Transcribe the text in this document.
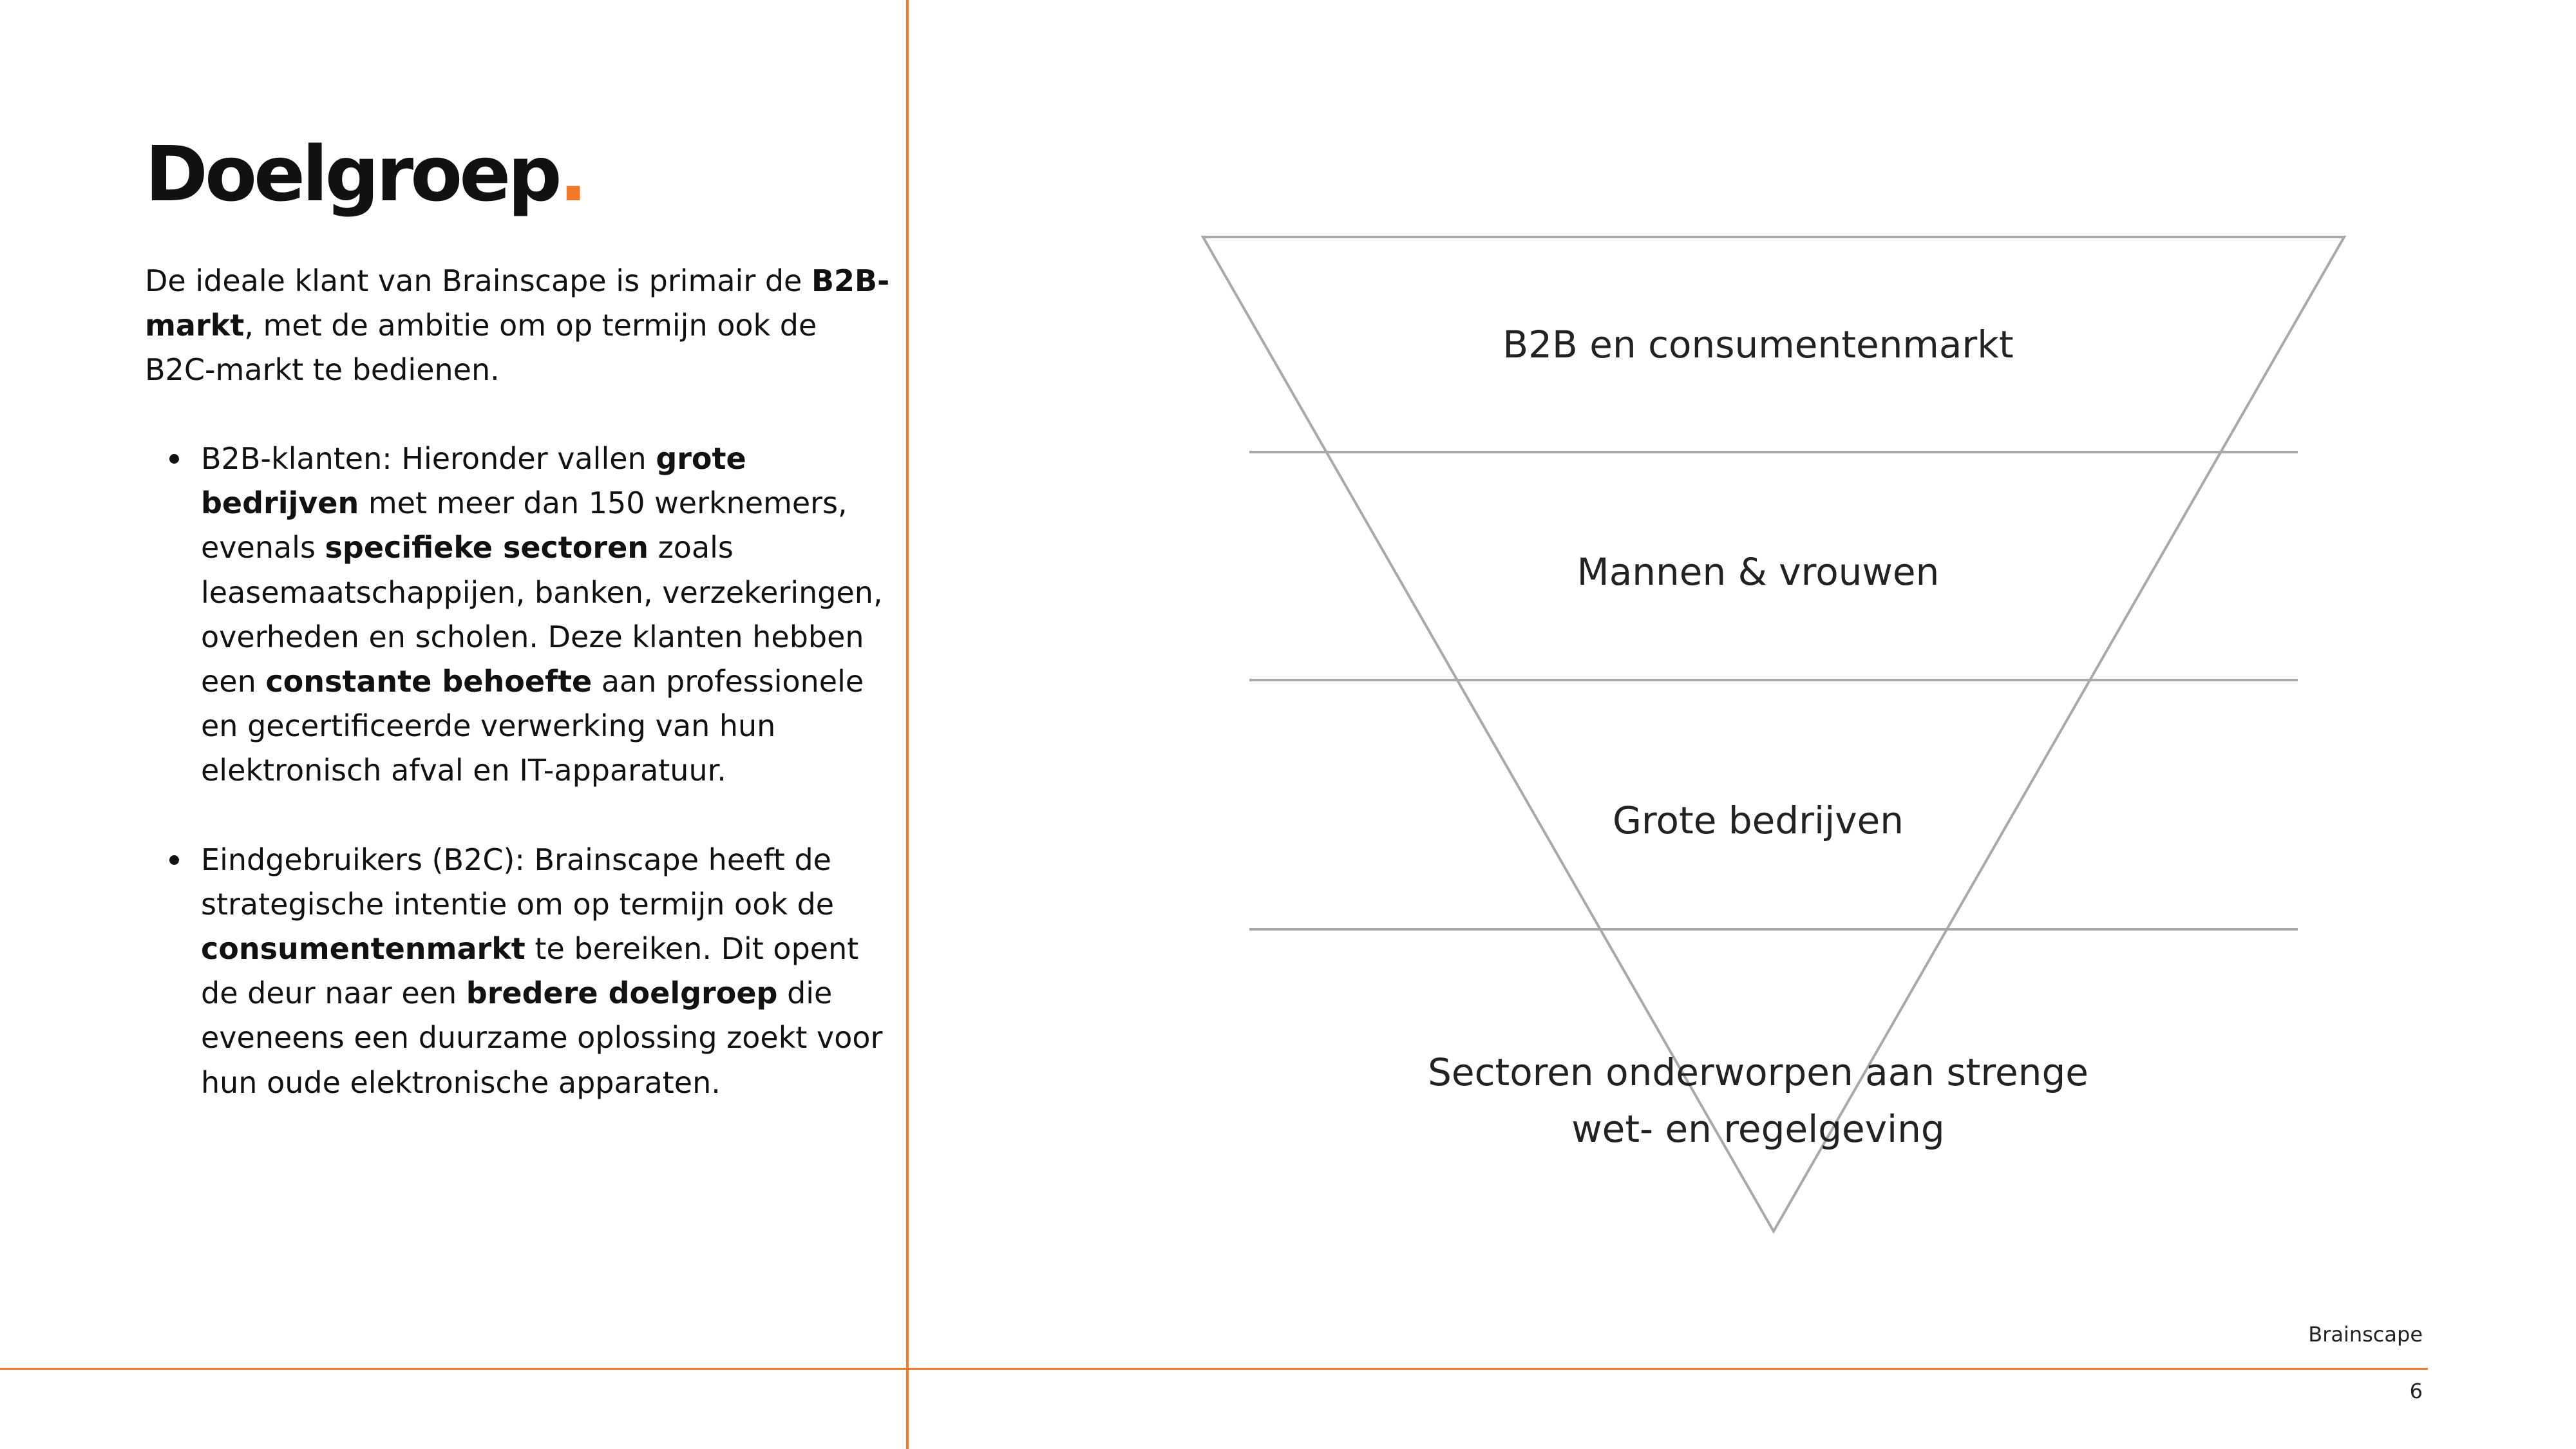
Doelgroep.

De ideale klant van Brainscape is primair de B2B-markt, met de ambitie om op termijn ook de B2C-markt te bedienen.

B2B-klanten: Hieronder vallen grote bedrijven met meer dan 150 werknemers, evenals specifieke sectoren zoals leasemaatschappijen, banken, verzekeringen, overheden en scholen. Deze klanten hebben een constante behoefte aan professionele en gecertificeerde verwerking van hun elektronisch afval en IT-apparatuur.
Eindgebruikers (B2C): Brainscape heeft de strategische intentie om op termijn ook de consumentenmarkt te bereiken. Dit opent de deur naar een bredere doelgroep die eveneens een duurzame oplossing zoekt voor hun oude elektronische apparaten.
B2B en consumentenmarkt
Mannen & vrouwen
Grote bedrijven
Sectoren onderworpen aan strenge
wet- en regelgeving
Brainscape
6
